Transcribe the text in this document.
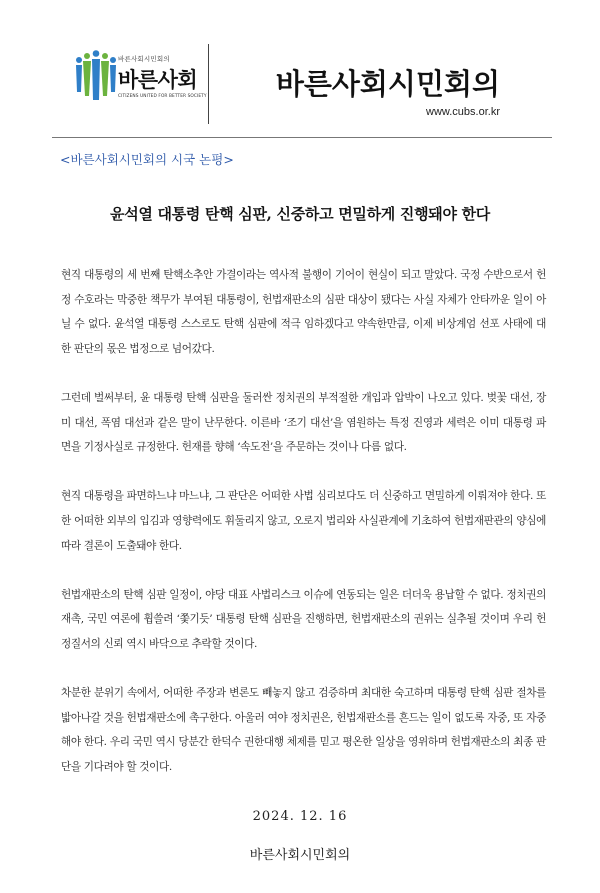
바른사회시민회의
바른사회
CITIZENS UNITED FOR BETTER SOCIETY 바른사회시민회의
www.cubs.or.kr
<바른사회시민회의 시국 논평>
윤석열 대통령 탄핵 심판, 신중하고 면밀하게 진행돼야 한다

현직 대통령의 세 번째 탄핵소추안 가결이라는 역사적 불행이 기어이 현실이 되고 말았다. 국정 수반으로서 헌정 수호라는 막중한 책무가 부여된 대통령이, 헌법재판소의 심판 대상이 됐다는 사실 자체가 안타까운 일이 아닐 수 없다. 윤석열 대통령 스스로도 탄핵 심판에 적극 임하겠다고 약속한만큼, 이제 비상계엄 선포 사태에 대한 판단의 몫은 법정으로 넘어갔다.

그런데 벌써부터, 윤 대통령 탄핵 심판을 둘러싼 정치권의 부적절한 개입과 압박이 나오고 있다. 벚꽃 대선, 장미 대선, 폭염 대선과 같은 말이 난무한다. 이른바 ‘조기 대선’을 염원하는 특정 진영과 세력은 이미 대통령 파면을 기정사실로 규정한다. 헌재를 향해 ‘속도전’을 주문하는 것이나 다름 없다.

현직 대통령을 파면하느냐 마느냐, 그 판단은 어떠한 사법 심리보다도 더 신중하고 면밀하게 이뤄져야 한다. 또한 어떠한 외부의 입김과 영향력에도 휘둘리지 않고, 오로지 법리와 사실관계에 기초하여 헌법재판관의 양심에 따라 결론이 도출돼야 한다.

헌법재판소의 탄핵 심판 일정이, 야당 대표 사법리스크 이슈에 연동되는 일은 더더욱 용납할 수 없다. 정치권의 재촉, 국민 여론에 휩쓸려 ‘쫓기듯’ 대통령 탄핵 심판을 진행하면, 헌법재판소의 권위는 실추될 것이며 우리 헌정질서의 신뢰 역시 바닥으로 추락할 것이다.

차분한 분위기 속에서, 어떠한 주장과 변론도 빼놓지 않고 검증하며 최대한 숙고하며 대통령 탄핵 심판 절차를 밟아나갈 것을 헌법재판소에 촉구한다. 아울러 여야 정치권은, 헌법재판소를 흔드는 일이 없도록 자중, 또 자중해야 한다. 우리 국민 역시 당분간 한덕수 권한대행 체제를 믿고 평온한 일상을 영위하며 헌법재판소의 최종 판단을 기다려야 할 것이다.

2024. 12. 16
바른사회시민회의
